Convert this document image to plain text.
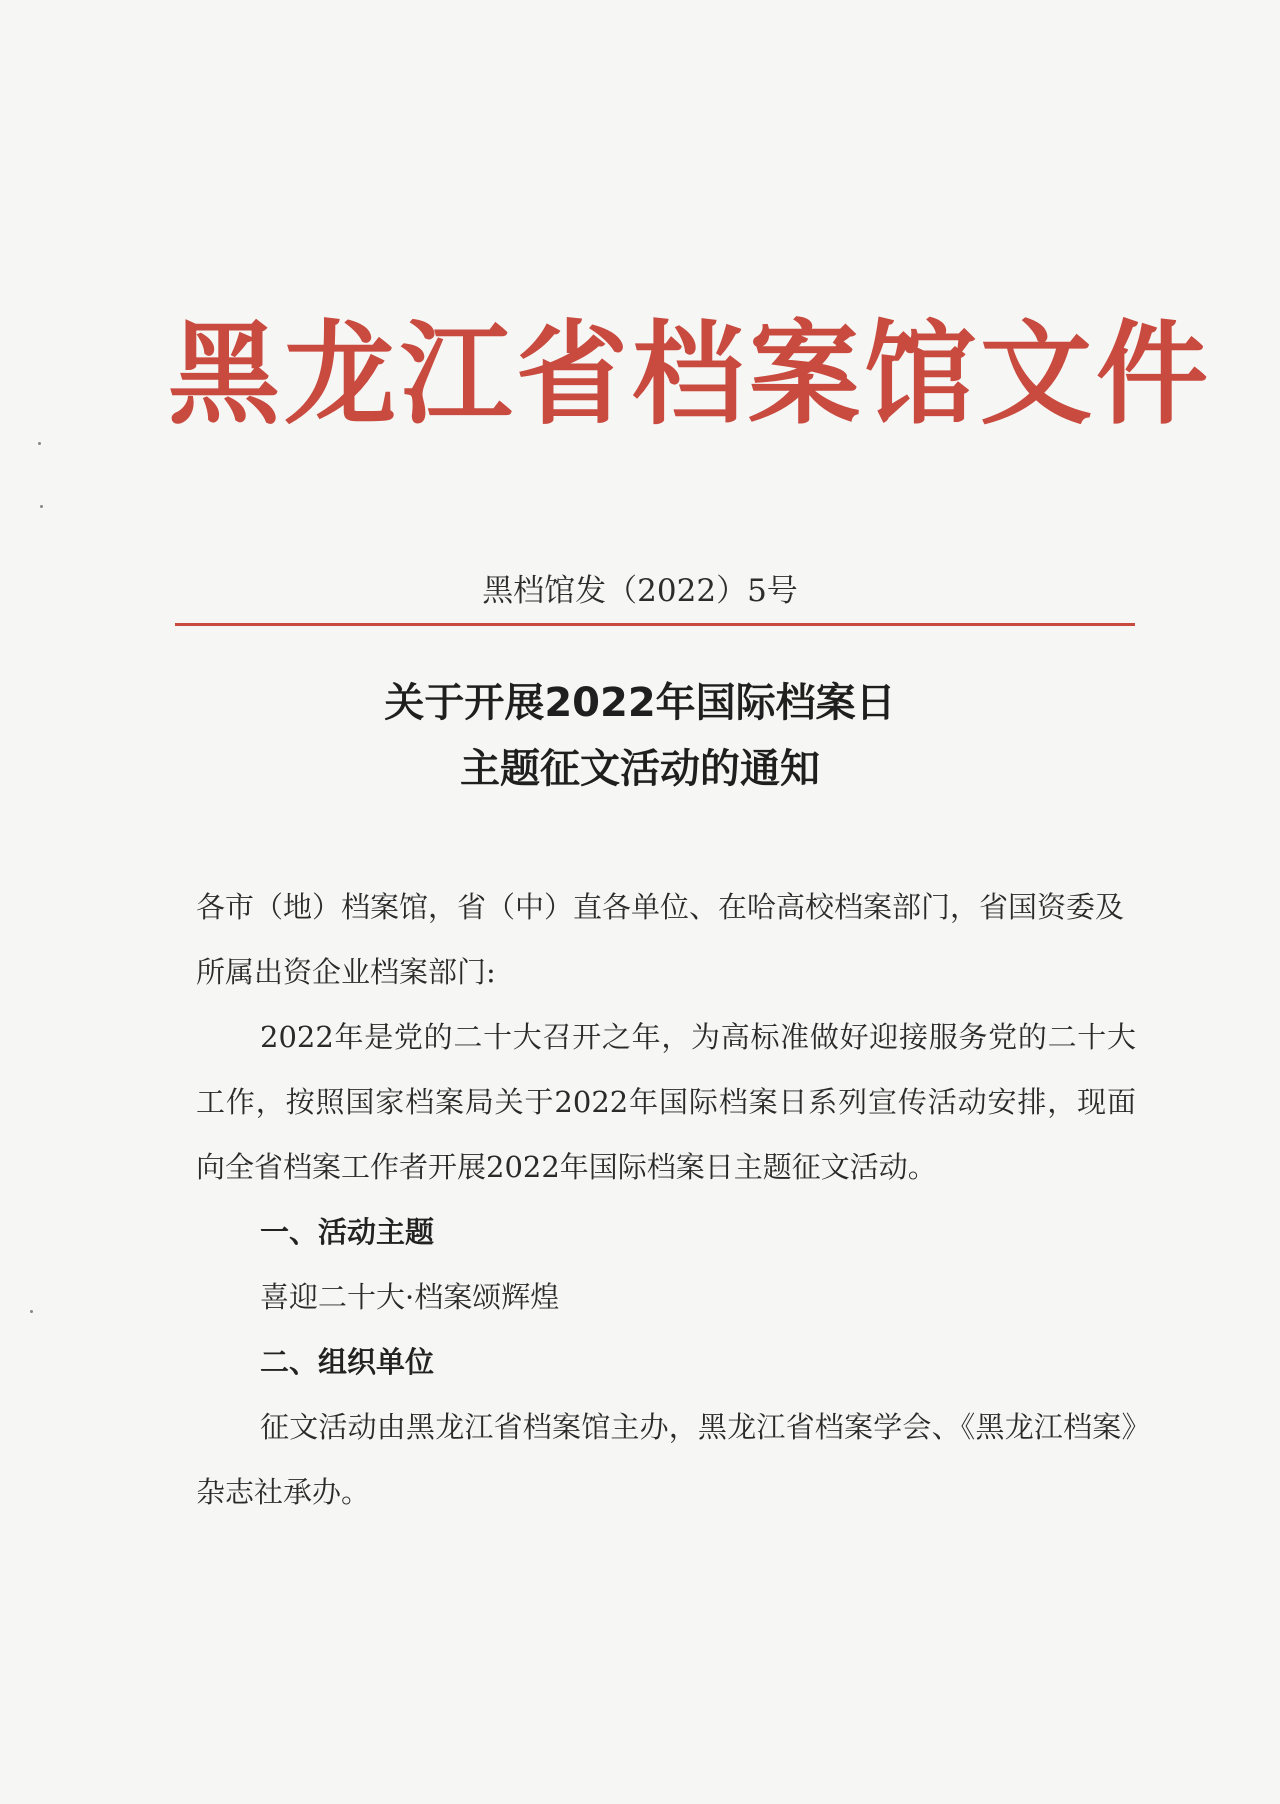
黑龙江省档案馆文件
黑档馆发（2022）5号
关于开展2022年国际档案日
主题征文活动的通知

各市（地）档案馆，省（中）直各单位、在哈高校档案部门，省国资委及所属出资企业档案部门:

2022年是党的二十大召开之年，为高标准做好迎接服务党的二十大工作，按照国家档案局关于2022年国际档案日系列宣传活动安排，现面向全省档案工作者开展2022年国际档案日主题征文活动。

一、活动主题

喜迎二十大·档案颂辉煌

二、组织单位

征文活动由黑龙江省档案馆主办，黑龙江省档案学会、《黑龙江档案》杂志社承办。
